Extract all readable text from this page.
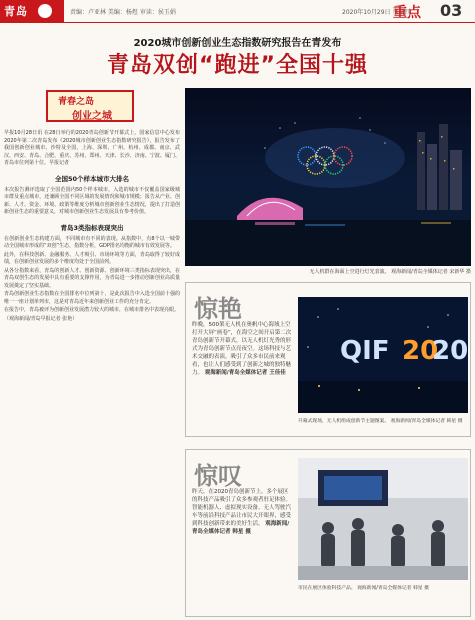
青岛	责编：卢亚林 美编：杨煜 审读：侯玉娟	2020年10月29日 星期四
重点 03
2020城市创新创业生态指数研究报告在青发布
青岛双创“跑进”全国十强
青春之岛
创业之城

早报10月28日讯 在28日举行的2020青岛创新节开幕式上，国家信息中心发布2020年第二次青岛发布《2020城市创新创业生态指数研究报告》，报告发布了我国创新创业城市、沙特及全国，上海、深圳、广州、杭州、成都、南京、武汉、西安、青岛、合肥、重庆、苏州、郑州、天津、长沙、济南、宁波、厦门、青岛市位列第十位。早报记者

全国50个样本城市大排名

本次报告测评选取了全国范围内50个样本城市，入选的城市不仅覆盖国家级城市群及重点城市，还兼顾全国不同区域的发展情况和城市规模；报告从产业、创新、人才、资金、环境、政策等维度分析城市创新创业生态情况，提出了打造创新创业生态的重要意义，对城市创新创业生态发展具有参考价值。

青岛3类指标表现突出

在创新创业生态构建方面，不同城市有不同的表现。从指数中，有8个以一城带动全国城市形成的“双创”生态，指数分析，GDP排名均衡的城市有效发展等。

此外，在科技创新、金融服务、人才吸引、市场环境等方面，青岛取得了较好成绩，在创新创业发展的多个维度均处于全国前列。

从各分指数来看，青岛的创新人才、创新资源、创新环境三类指标表现突出，在青岛双创生态的发展中具有重要的支撑作用，为青岛进一步推动创新创业高质量发展奠定了坚实基础。

青岛创新创业生态指数在全国排名中位列第十，是此次报告中入选全国前十强的唯一一座计划单列市，这是对青岛近年来创新创业工作的充分肯定。

在报告中，青岛被评为创新创业发展潜力较大的城市，在城市排名中表现亮眼。

（观海新闻/青岛早报记者 张艳）

无人机群在海面上空进行灯光表演。 观海新闻/青岛全媒体记者 宋新华 摄
惊艳
昨晚，500架无人机在奥帆中心海域上空打开大屏“画卷”，在海空之间开启第二次青岛创新节开幕式，以无人机灯光秀的形式为青岛创新节点亮夜空。这场科技与艺术交融的表演，吸引了众多市民前来观看，也让人们感受到了创新之城的独特魅力。 观海新闻/青岛全媒体记者 王佳佳
QIF 20
20
开幕式现场，无人机组成创新节主题图案。 观海新闻/青岛全媒体记者 韩星 摄
惊叹
昨天，在2020青岛创新节上，多个展区的科技产品吸引了众多参观者驻足体验。智能机器人、虚拟现实设备、无人驾驶汽车等前沿科技产品让市民大开眼界，感受到科技创新带来的美好生活。 观海新闻/青岛全媒体记者 韩星 摄
市民在展区体验科技产品。 观海新闻/青岛全媒体记者 韩星 摄
